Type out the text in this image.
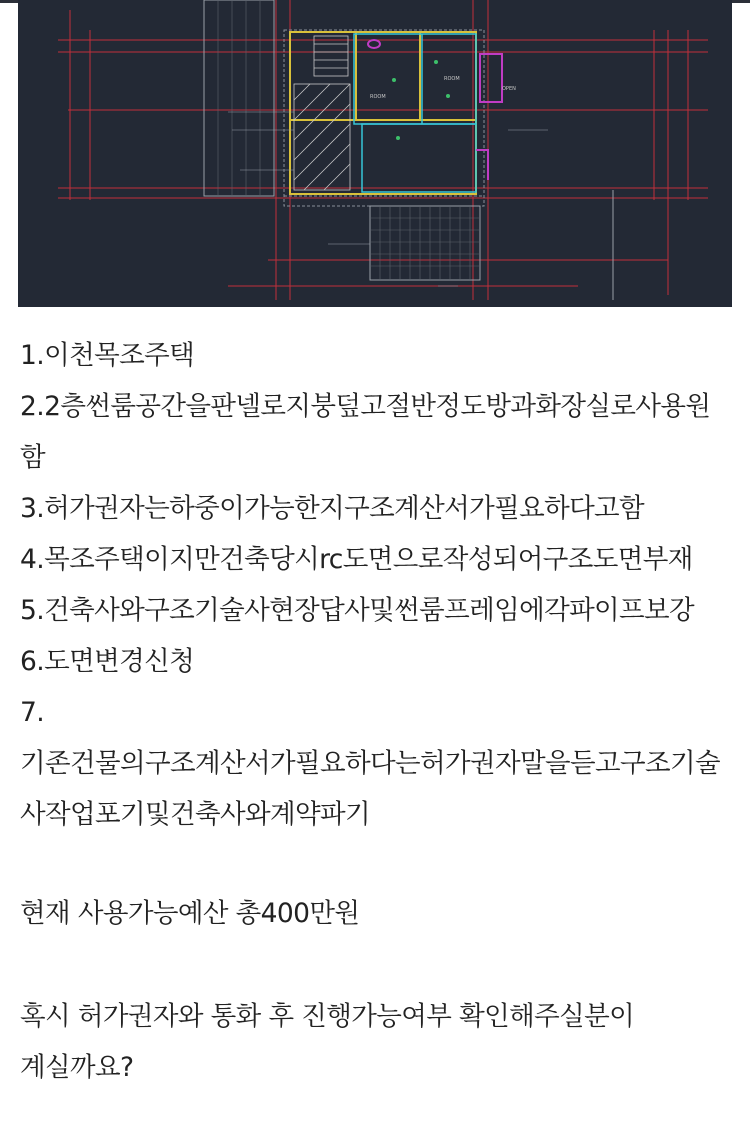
ROOM
ROOM
OPEN

1.이천목조주택

2.2층썬룸공간을판넬로지붕덮고절반정도방과화장실로사용원함

3.허가권자는하중이가능한지구조계산서가필요하다고함

4.목조주택이지만건축당시rc도면으로작성되어구조도면부재

5.건축사와구조기술사현장답사및썬룸프레임에각파이프보강

6.도면변경신청

7.기존건물의구조계산서가필요하다는허가권자말을듣고구조기술사작업포기및건축사와계약파기

현재 사용가능예산 총400만원

혹시 허가권자와 통화 후 진행가능여부 확인해주실분이 계실까요?
